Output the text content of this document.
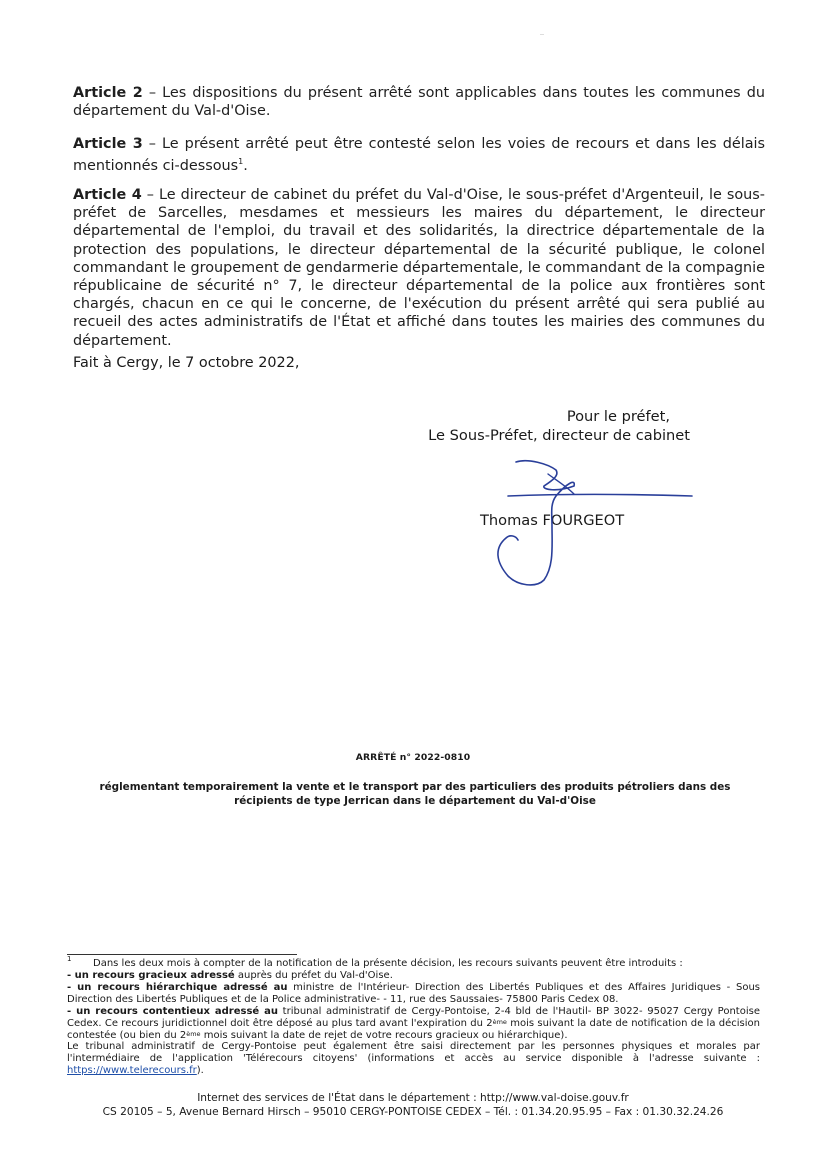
Article 2 – Les dispositions du présent arrêté sont applicables dans toutes les communes du département du Val-d'Oise.
Article 3 – Le présent arrêté peut être contesté selon les voies de recours et dans les délais mentionnés ci-dessous$^1$.
Article 4 – Le directeur de cabinet du préfet du Val-d'Oise, le sous-préfet d'Argenteuil, le sous-préfet de Sarcelles, mesdames et messieurs les maires du département, le directeur départemental de l'emploi, du travail et des solidarités, la directrice départementale de la protection des populations, le directeur départemental de la sécurité publique, le colonel commandant le groupement de gendarmerie départementale, le commandant de la compagnie républicaine de sécurité n° 7, le directeur départemental de la police aux frontières sont chargés, chacun en ce qui le concerne, de l'exécution du présent arrêté qui sera publié au recueil des actes administratifs de l'État et affiché dans toutes les mairies des communes du département.
Fait à Cergy, le 7 octobre 2022,
Pour le préfet,
Le Sous-Préfet, directeur de cabinet
Thomas FOURGEOT
ARRÊTÉ n° 2022-0810
réglementant temporairement la vente et le transport par des particuliers des produits pétroliers dans des récipients de type Jerrican dans le département du Val-d'Oise
1	Dans les deux mois à compter de la notification de la présente décision, les recours suivants peuvent être introduits :
- un recours gracieux adressé auprès du préfet du Val-d'Oise.
- un recours hiérarchique adressé au ministre de l'Intérieur- Direction des Libertés Publiques et des Affaires Juridiques - Sous Direction des Libertés Publiques et de la Police administrative- - 11, rue des Saussaies- 75800 Paris Cedex 08.
- un recours contentieux adressé au tribunal administratif de Cergy-Pontoise, 2-4 bld de l'Hautil- BP 3022- 95027 Cergy Pontoise Cedex. Ce recours juridictionnel doit être déposé au plus tard avant l'expiration du 2ème mois suivant la date de notification de la décision contestée (ou bien du 2ème mois suivant la date de rejet de votre recours gracieux ou hiérarchique).
Le tribunal administratif de Cergy-Pontoise peut également être saisi directement par les personnes physiques et morales par l'intermédiaire de l'application 'Télérecours citoyens' (informations et accès au service disponible à l'adresse suivante : https://www.telerecours.fr).
Internet des services de l'État dans le département : http://www.val-doise.gouv.fr
CS 20105 – 5, Avenue Bernard Hirsch – 95010 CERGY-PONTOISE CEDEX – Tél. : 01.34.20.95.95 – Fax : 01.30.32.24.26
